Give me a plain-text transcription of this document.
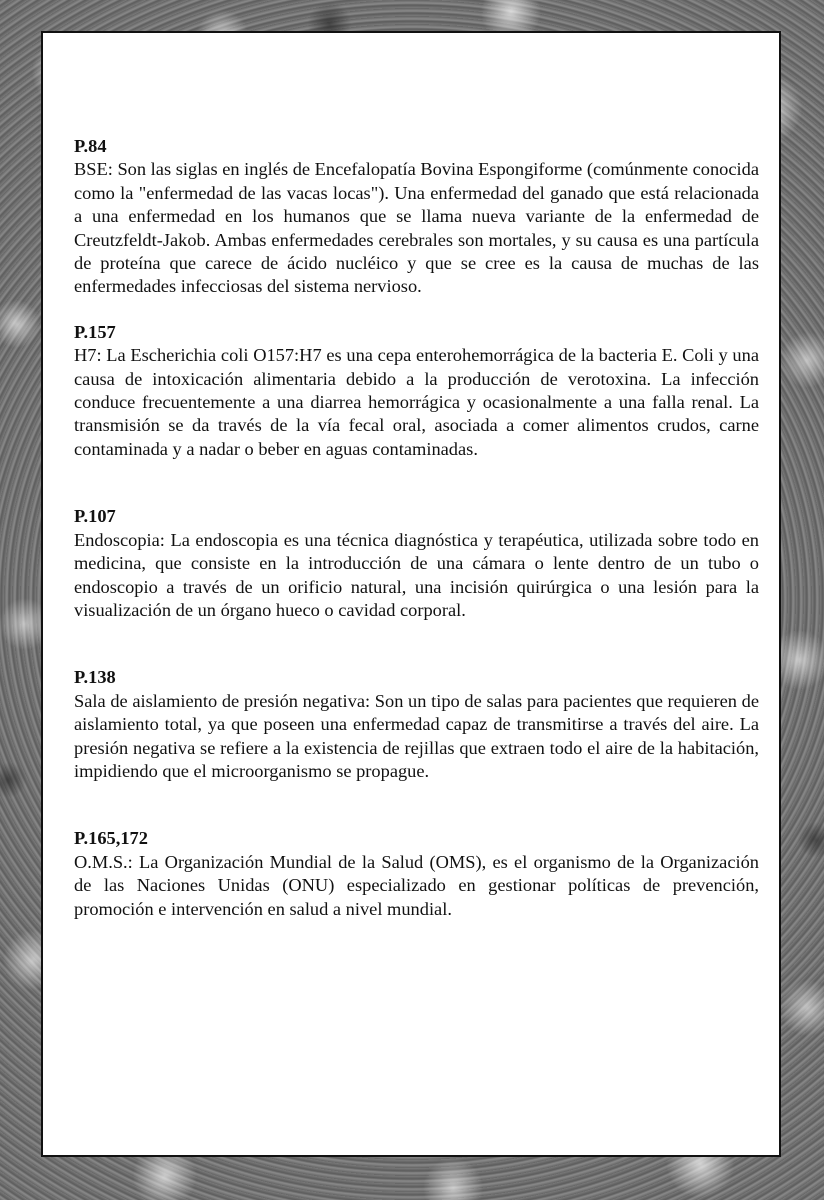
P.84

BSE: Son las siglas en inglés de Encefalopatía Bovina Espongiforme (comúnmente conocida como la "enfermedad de las vacas locas"). Una enfermedad del ganado que está relacionada a una enfermedad en los humanos que se llama nueva variante de la enfermedad de Creutzfeldt-Jakob. Ambas enfermedades cerebrales son mortales, y su causa es una partícula de proteína que carece de ácido nucléico y que se cree es la causa de muchas de las enfermedades infecciosas del sistema nervioso.

P.157

H7: La Escherichia coli O157:H7 es una cepa enterohemorrágica de la bacteria E. Coli y una causa de intoxicación alimentaria debido a la producción de verotoxina. La infección conduce frecuentemente a una diarrea hemorrágica y ocasionalmente a una falla renal. La transmisión se da través de la vía fecal oral, asociada a comer alimentos crudos, carne contaminada y a nadar o beber en aguas contaminadas.

P.107

Endoscopia: La endoscopia es una técnica diagnóstica y terapéutica, utilizada sobre todo en medicina, que consiste en la introducción de una cámara o lente dentro de un tubo o endoscopio a través de un orificio natural, una incisión quirúrgica o una lesión para la visualización de un órgano hueco o cavidad corporal.

P.138

Sala de aislamiento de presión negativa: Son un tipo de salas para pacientes que requieren de aislamiento total, ya que poseen una enfermedad capaz de transmitirse a través del aire. La presión negativa se refiere a la existencia de rejillas que extraen todo el aire de la habitación, impidiendo que el microorganismo se propague.

P.165,172

O.M.S.: La Organización Mundial de la Salud (OMS), es el organismo de la Organización de las Naciones Unidas (ONU) especializado en gestionar políticas de prevención, promoción e intervención en salud a nivel mundial.
